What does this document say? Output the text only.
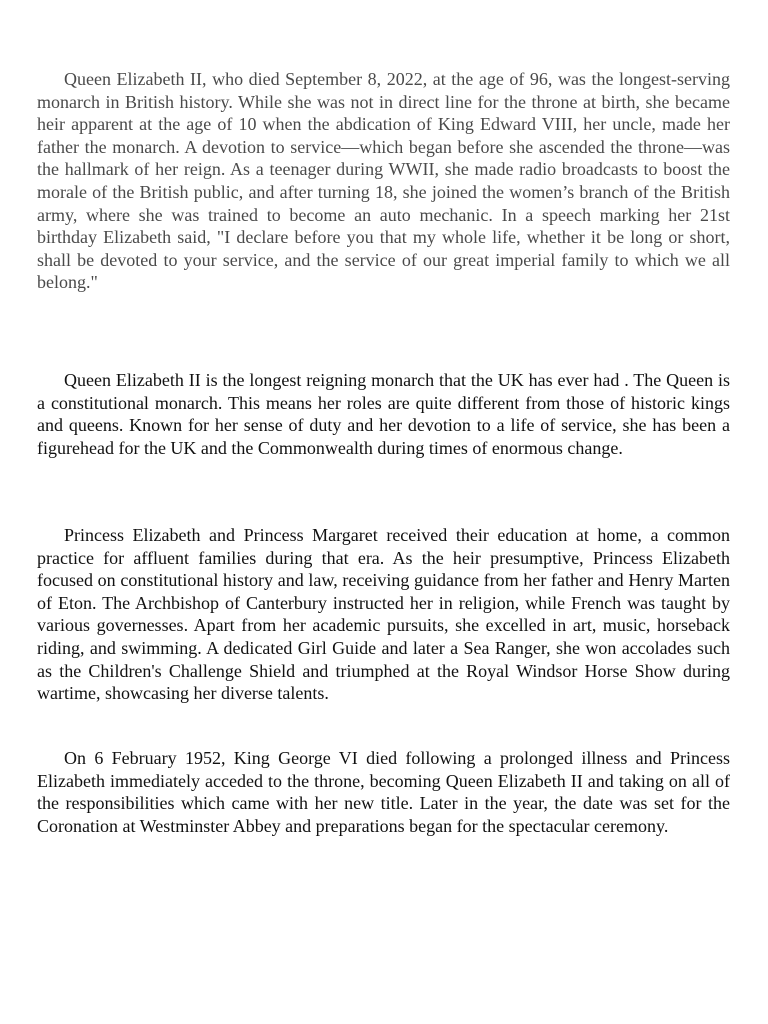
Queen Elizabeth II, who died September 8, 2022, at the age of 96, was the longest-serving monarch in British history. While she was not in direct line for the throne at birth, she became heir apparent at the age of 10 when the abdication of King Edward VIII, her uncle, made her father the monarch. A devotion to service—which began before she ascended the throne—was the hallmark of her reign. As a teenager during WWII, she made radio broadcasts to boost the morale of the British public, and after turning 18, she joined the women’s branch of the British army, where she was trained to become an auto mechanic. In a speech marking her 21st birthday Elizabeth said, "I declare before you that my whole life, whether it be long or short, shall be devoted to your service, and the service of our great imperial family to which we all belong."

Queen Elizabeth II is the longest reigning monarch that the UK has ever had . The Queen is a constitutional monarch. This means her roles are quite different from those of historic kings and queens. Known for her sense of duty and her devotion to a life of service, she has been a figurehead for the UK and the Commonwealth during times of enormous change.

Princess Elizabeth and Princess Margaret received their education at home, a common practice for affluent families during that era. As the heir presumptive, Princess Elizabeth focused on constitutional history and law, receiving guidance from her father and Henry Marten of Eton. The Archbishop of Canterbury instructed her in religion, while French was taught by various governesses. Apart from her academic pursuits, she excelled in art, music, horseback riding, and swimming. A dedicated Girl Guide and later a Sea Ranger, she won accolades such as the Children's Challenge Shield and triumphed at the Royal Windsor Horse Show during wartime, showcasing her diverse talents.

On 6 February 1952, King George VI died following a prolonged illness and Princess Elizabeth immediately acceded to the throne, becoming Queen Elizabeth II and taking on all of the responsibilities which came with her new title. Later in the year, the date was set for the Coronation at Westminster Abbey and preparations began for the spectacular ceremony.
